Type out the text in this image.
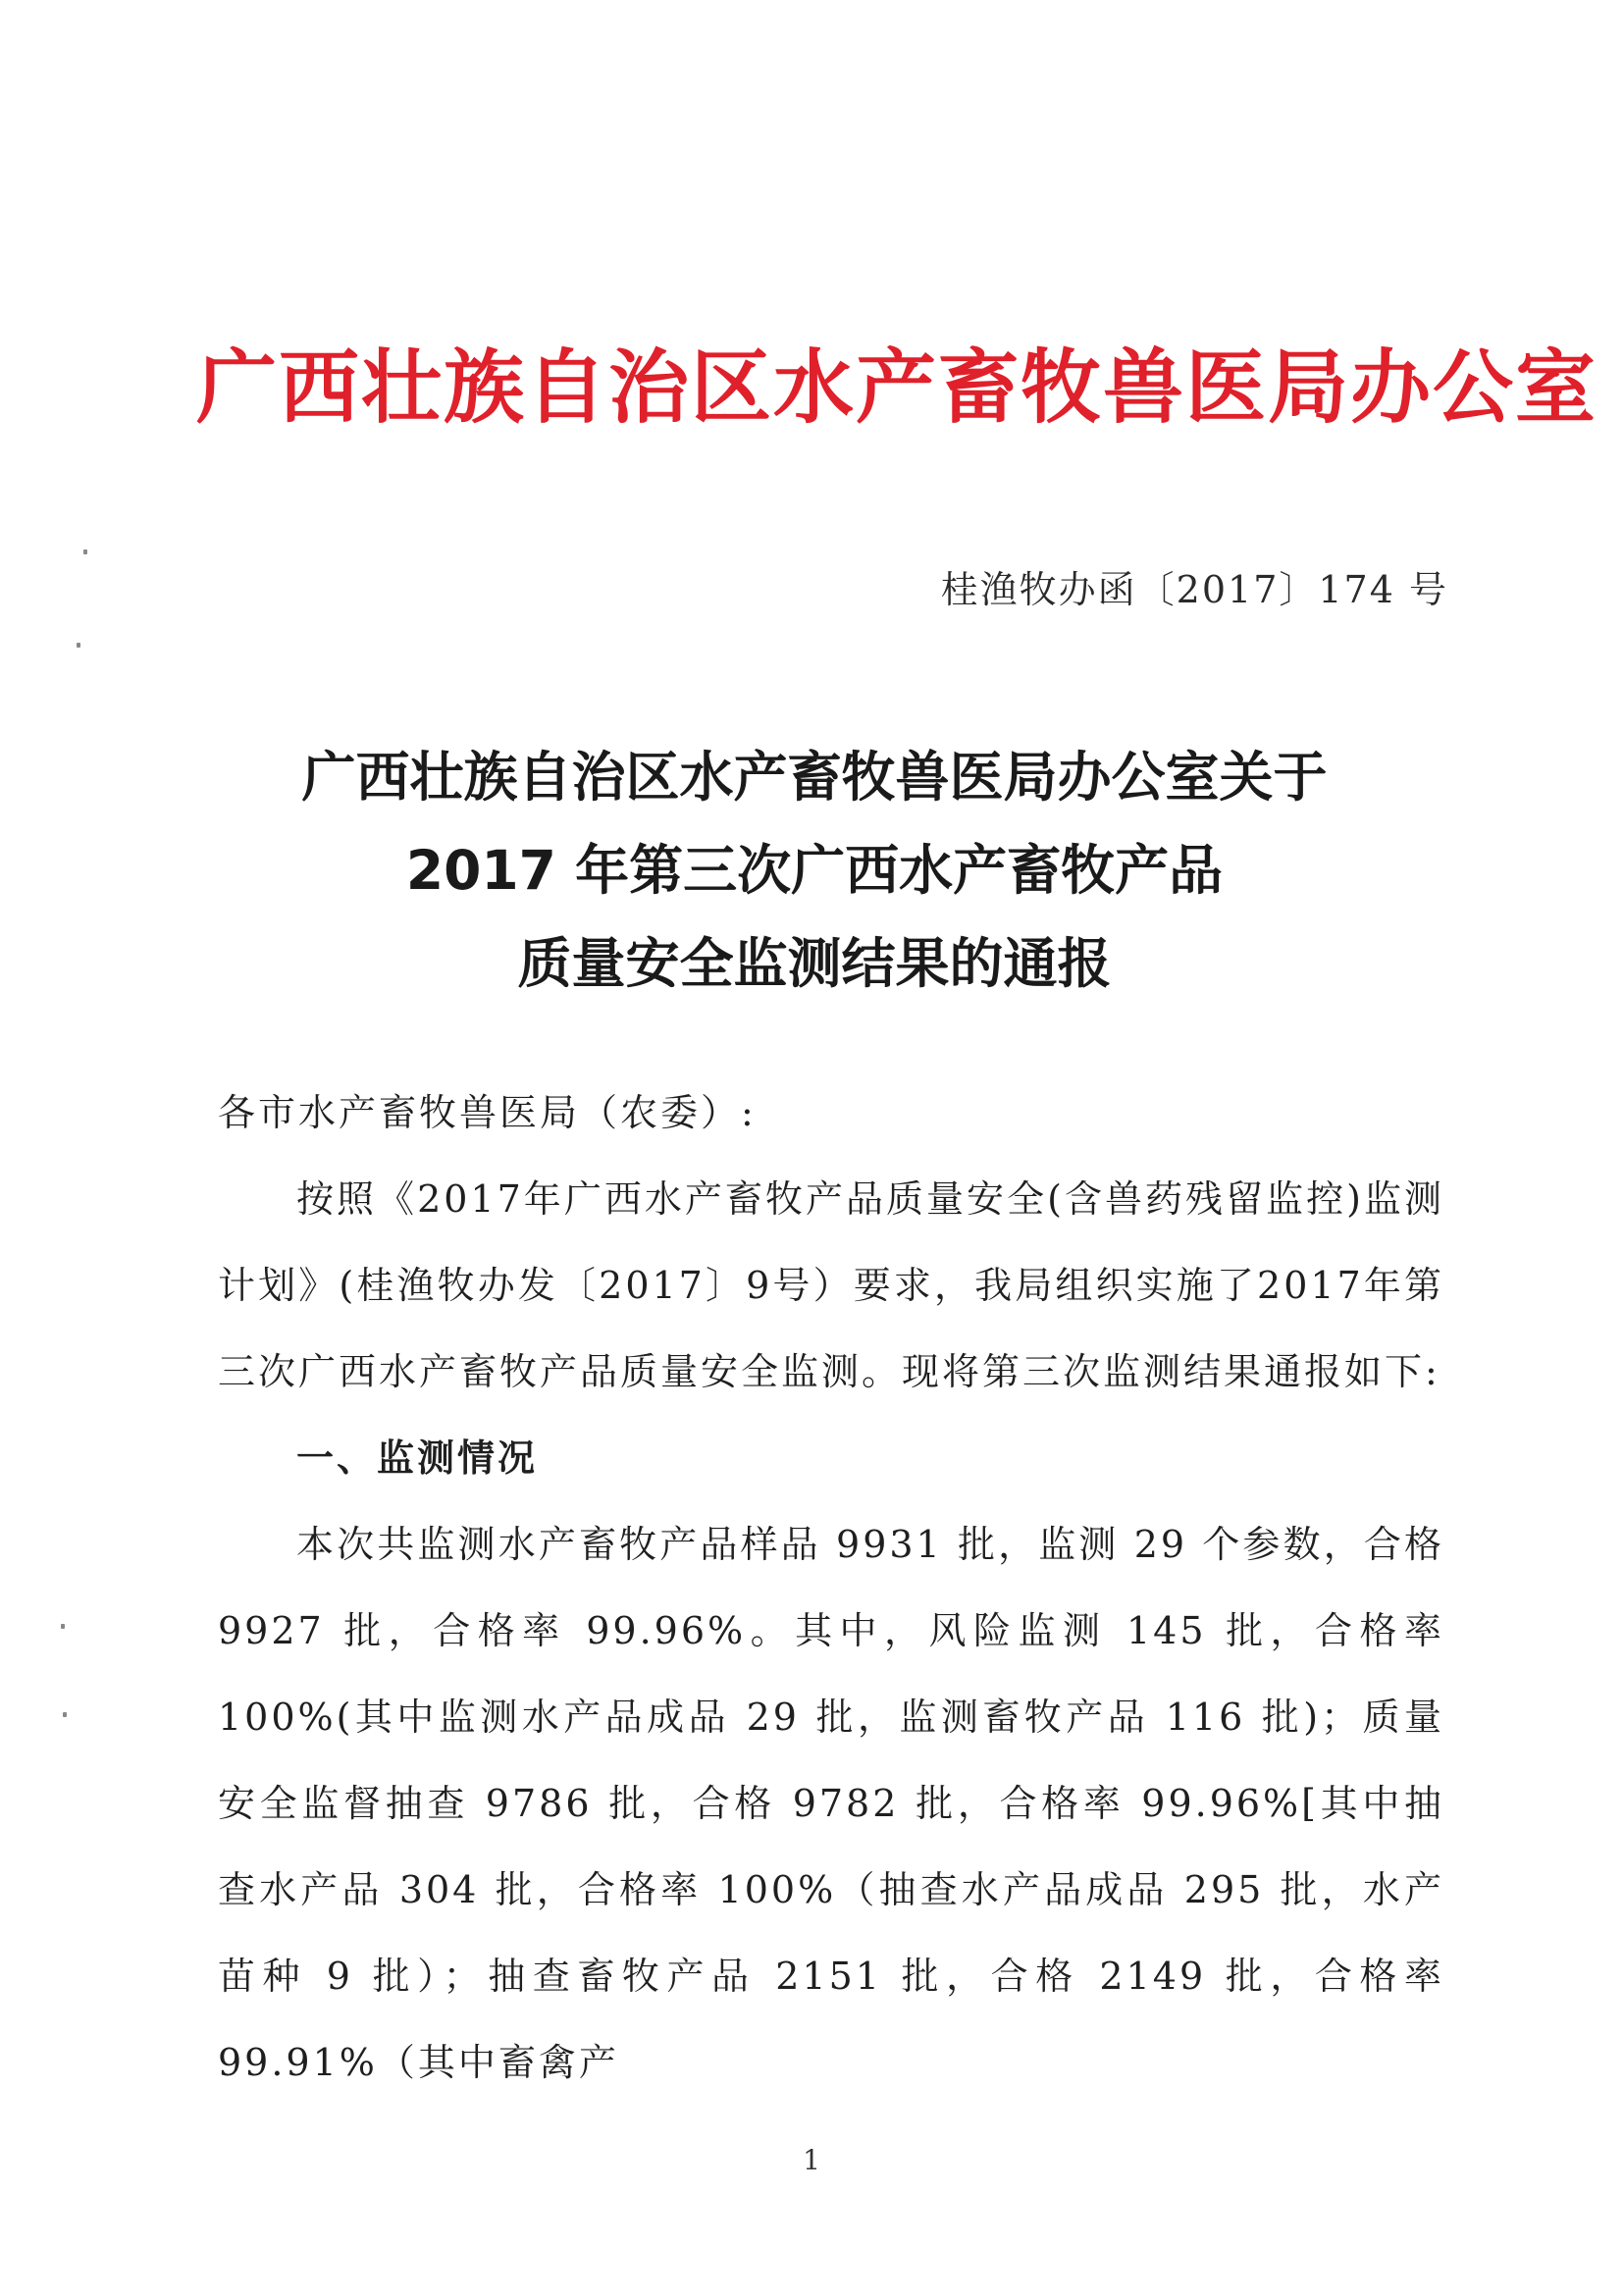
广西壮族自治区水产畜牧兽医局办公室
桂渔牧办函〔2017〕174 号
广西壮族自治区水产畜牧兽医局办公室关于
2017 年第三次广西水产畜牧产品
质量安全监测结果的通报

各市水产畜牧兽医局（农委）:

按照《2017年广西水产畜牧产品质量安全(含兽药残留监控)监测计划》(桂渔牧办发〔2017〕9号）要求，我局组织实施了2017年第三次广西水产畜牧产品质量安全监测。现将第三次监测结果通报如下:

一、监测情况

本次共监测水产畜牧产品样品 9931 批，监测 29 个参数，合格 9927 批，合格率 99.96%。其中，风险监测 145 批，合格率 100%(其中监测水产品成品 29 批，监测畜牧产品 116 批)；质量安全监督抽查 9786 批，合格 9782 批，合格率 99.96%[其中抽查水产品 304 批，合格率 100%（抽查水产品成品 295 批，水产苗种 9 批）；抽查畜牧产品 2151 批，合格 2149 批，合格率 99.91%（其中畜禽产

1
